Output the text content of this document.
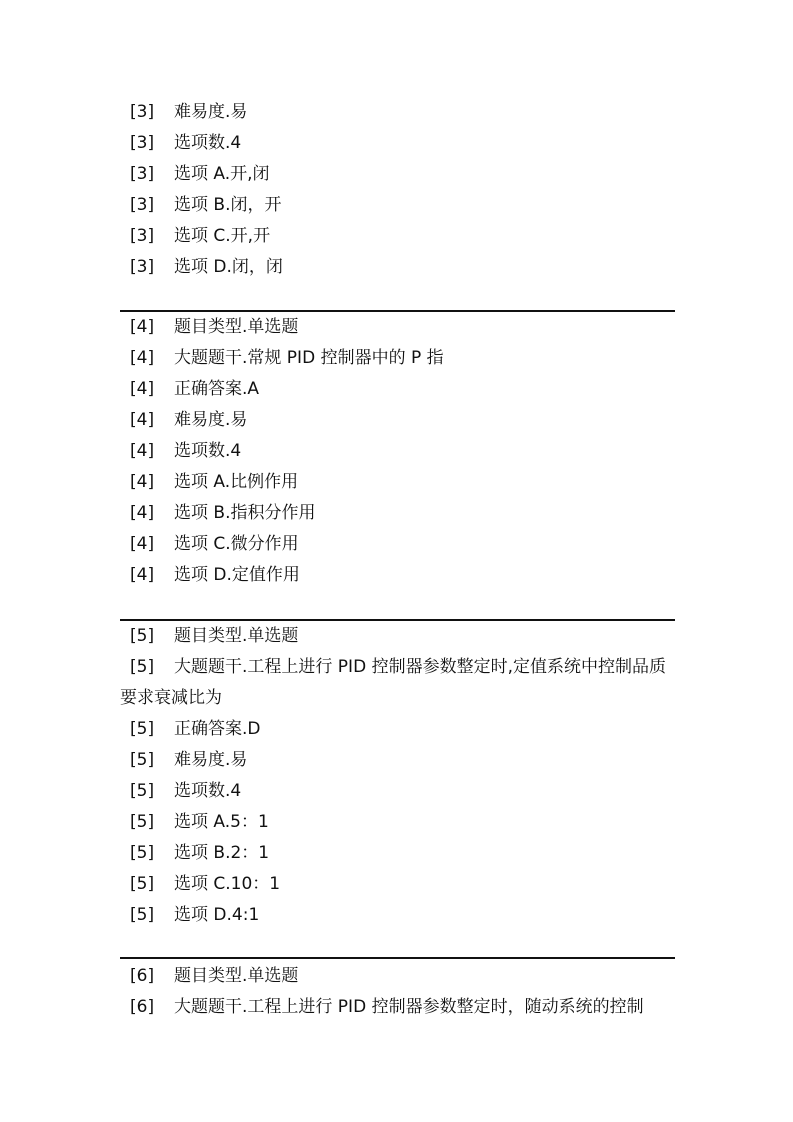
[3] 难易度.易
[3] 选项数.4
[3] 选项 A.开,闭
[3] 选项 B.闭，开
[3] 选项 C.开,开
[3] 选项 D.闭，闭
[4] 题目类型.单选题
[4] 大题题干.常规 PID 控制器中的 P 指
[4] 正确答案.A
[4] 难易度.易
[4] 选项数.4
[4] 选项 A.比例作用
[4] 选项 B.指积分作用
[4] 选项 C.微分作用
[4] 选项 D.定值作用
[5] 题目类型.单选题
[5] 大题题干.工程上进行 PID 控制器参数整定时,定值系统中控制品质要求衰减比为
[5] 正确答案.D
[5] 难易度.易
[5] 选项数.4
[5] 选项 A.5：1
[5] 选项 B.2：1
[5] 选项 C.10：1
[5] 选项 D.4:1
[6] 题目类型.单选题
[6] 大题题干.工程上进行 PID 控制器参数整定时，随动系统的控制
